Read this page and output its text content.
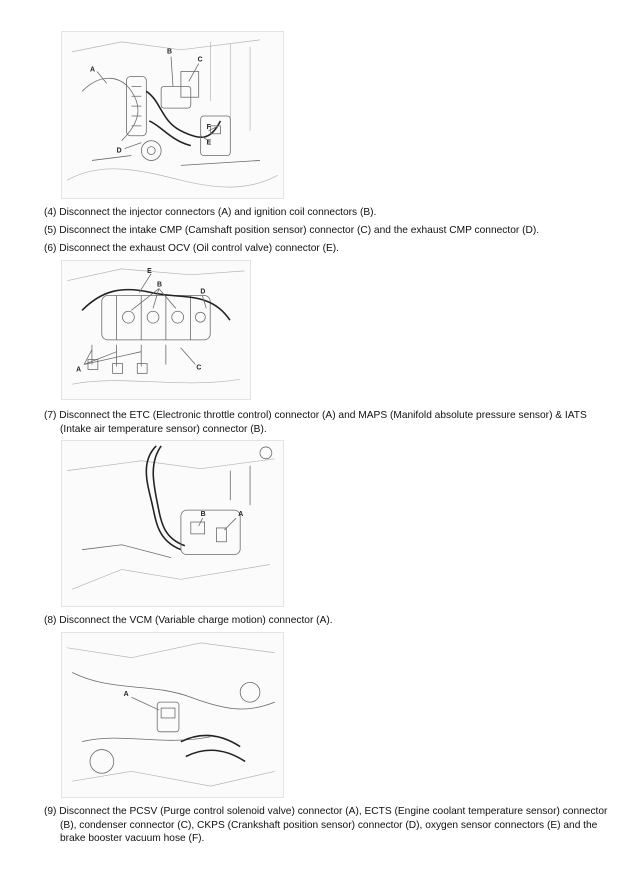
A
B
C
D
E
F

(4) Disconnect the injector connectors (A) and ignition coil connectors (B).

(5) Disconnect the intake CMP (Camshaft position sensor) connector (C) and the exhaust CMP connector (D).

(6) Disconnect the exhaust OCV (Oil control valve) connector (E).

E
B
D
A	C

(7) Disconnect the ETC (Electronic throttle control) connector (A) and MAPS (Manifold absolute pressure sensor) & IATS (Intake air temperature sensor) connector (B).

B	A

(8) Disconnect the VCM (Variable charge motion) connector (A).

A

(9) Disconnect the PCSV (Purge control solenoid valve) connector (A), ECTS (Engine coolant temperature sensor) connector (B), condenser connector (C), CKPS (Crankshaft position sensor) connector (D), oxygen sensor connectors (E) and the brake booster vacuum hose (F).
